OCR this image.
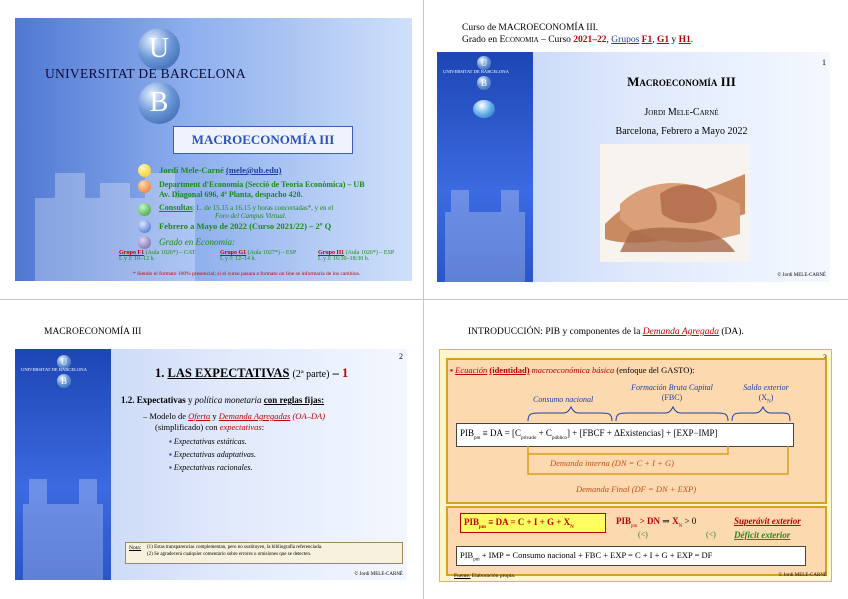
U
UNIVERSITAT DE BARCELONA
B
MACROECONOMÍA III
Jordi Mele-Carné (mele@ub.edu)
Department d'Economia (Secció de Teoria Econòmica) – UB
Av. Diagonal 696, 4ª Planta, despacho 420.
Consultas: L. de 15.15 a 16.15 y horas concertadas*, y en el
Foro del Campus Virtual.
Febrero a Mayo de 2022 (Curso 2021/22) – 2º Q
Grado en Economía:
Grupo F1 (Aula 1026*) – CAT
L y J: 10–12 h.
Grupo G1 (Aula 1027*) – ESP
L y J: 12–14 h.
Grupo H1 (Aula 1026*) – ESP
L y J: 16:30–18:30 h.
* Siendo el formato 100% presencial; si el curso pasara a formato on line se informaría de los cambios.
Curso de MACROECONOMÍA III.
Grado en Economia – Curso 2021–22, Grupos F1, G1 y H1.
U
UNIVERSITAT DE BARCELONA
B
1
Macroeconomía III
Jordi Mele-Carné
Barcelona, Febrero a Mayo 2022
© Jordi MELE-CARNÉ
MACROECONOMÍA III
U
UNIVERSITAT DE BARCELONA
B
2
1. LAS EXPECTATIVAS (2ª parte) – 1
1.2. Expectativas y política monetaria con reglas fijas:
– Modelo de Oferta y Demanda Agregadas (OA–DA)
(simplificado) con expectativas:
▪ Expectativas estáticas.
▪ Expectativas adaptativas.
▪ Expectativas racionales.
Nota: (1) Estas transparencias complementan, pero no sustituyen, la bibliografía referenciada.
(2) Se agradecerá cualquier comentario sobre errores u omisiones que se detecten.
© Jordi MELE-CARNÉ
INTRODUCCIÓN: PIB y componentes de la Demanda Agregada (DA).
▪ Ecuación (identidad) macroeconómica básica (enfoque del GASTO):
Consumo nacional
Formación Bruta Capital
(FBC)
Saldo exterior
$(X_N)$
$PIB_{pm}$ ≡ DA = $[C_{privado} + C_{público}]$ + [FBCF + ΔExistencias] + [EXP−IMP]
Demanda interna (DN = C + I + G)
Demanda Final (DF = DN + EXP)
$PIB_{pm}$ ≡ DA = $C + I + G + X_N$
$PIB_{pm}$ > DN ⇒ $X_N > 0$	Superávit exterior
(<)	(<) Déficit exterior
$PIB_{pm}$ + IMP = Consumo nacional + FBC + EXP = C + I + G + EXP = DF
Fuente: Elaboración propia.	© Jordi MELE-CARNÉ
